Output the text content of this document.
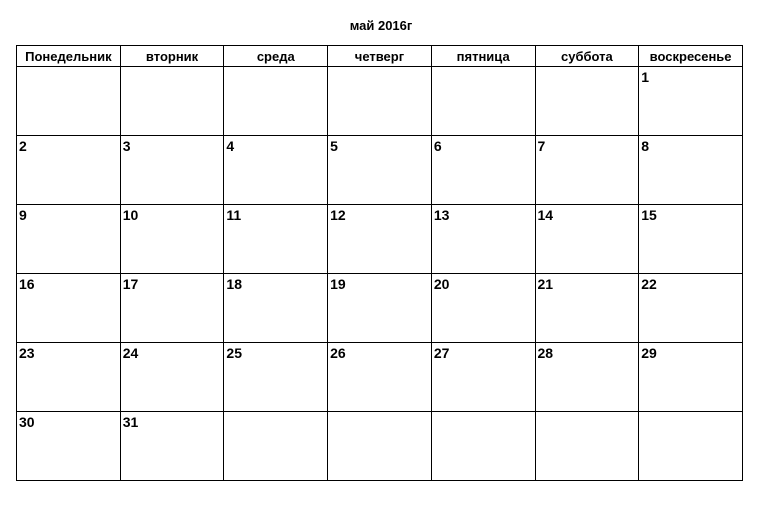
май 2016г
Понедельник	вторник	среда	четверг	пятница	суббота	воскресенье

						1

2	3	4	5	6	7	8

9	10	11	12	13	14	15

16	17	18	19	20	21	22

23	24	25	26	27	28	29

30	31					
